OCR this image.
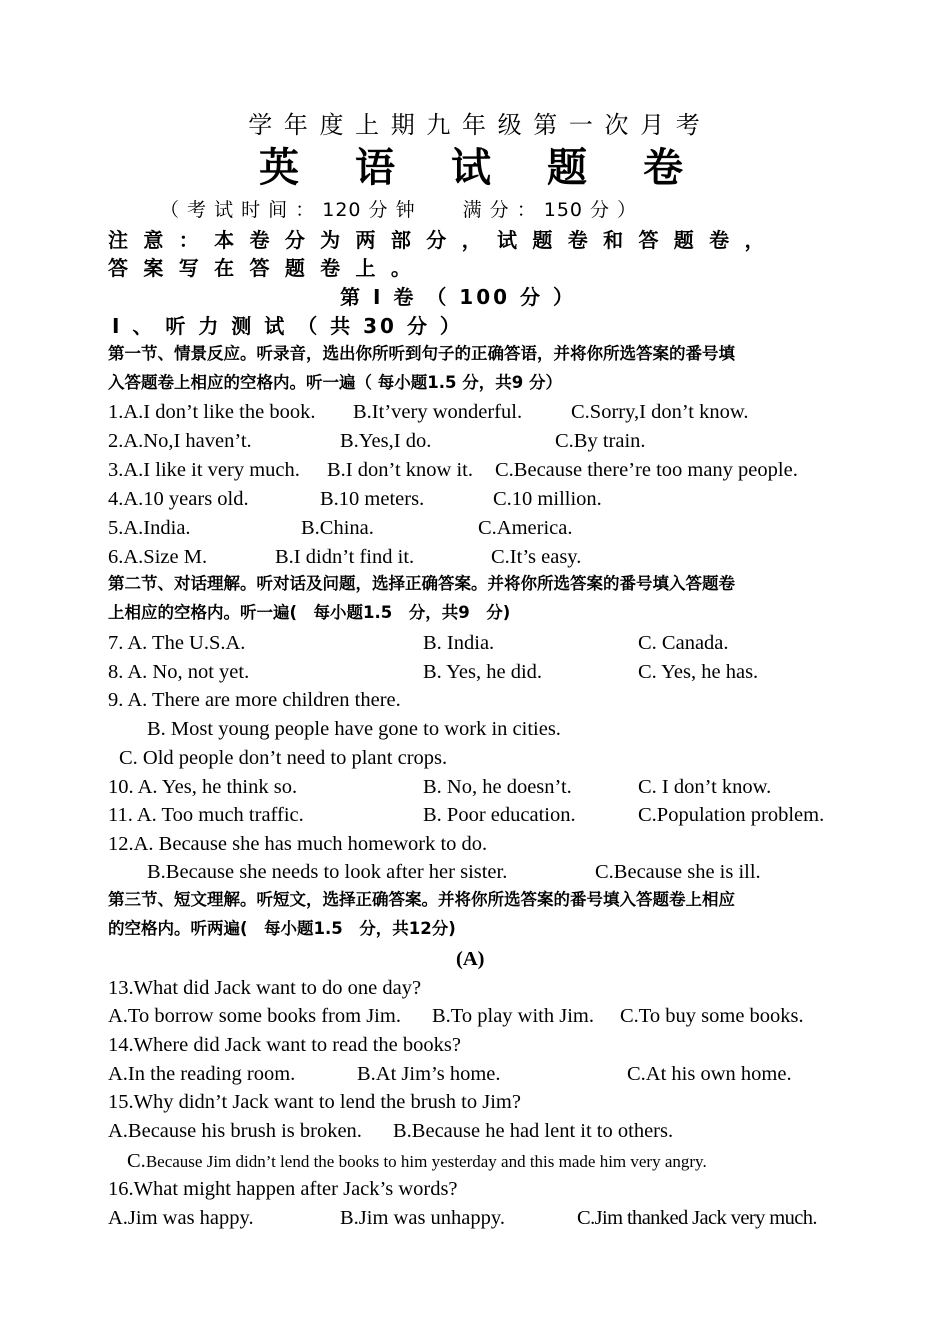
学 年 度 上 期 九 年 级 第 一 次 月 考
英　语　试　题　卷
（ 考 试 时 间 ： 120 分 钟 　　满 分 ： 150 分 ）
注 意 ： 本 卷 分 为 两 部 分 ， 试 题 卷 和 答 题 卷 ，
答 案 写 在 答 题 卷 上 。
第 Ⅰ 卷 （ 100 分 ）
Ⅰ 、 听 力 测 试 （ 共 30 分 ）
第一节、情景反应。听录音，选出你所听到句子的正确答语，并将你所选答案的番号填
入答题卷上相应的空格内。听一遍（ 每小题1.5 分，共9 分）
1.A.I don’t like the book. B.It’very wonderful. C.Sorry,I don’t know.
2.A.No,I haven’t.	B.Yes,I do.	C.By train.
3.A.I like it very much. B.I don’t know it. C.Because there’re too many people.
4.A.10 years old.	B.10 meters.	C.10 million.
5.A.India.	B.China.	C.America.
6.A.Size M.	B.I didn’t find it.	C.It’s easy.
第二节、对话理解。听对话及问题，选择正确答案。并将你所选答案的番号填入答题卷
上相应的空格内。听一遍(　每小题1.5　分，共9　分)
7. A. The U.S.A.	B. India.	C. Canada.
8. A. No, not yet.	B. Yes, he did.	C. Yes, he has.
9. A. There are more children there.
B. Most young people have gone to work in cities.
C. Old people don’t need to plant crops.
10. A. Yes, he think so.	B. No, he doesn’t.	C. I don’t know.
11. A. Too much traffic.	B. Poor education.	C.Population problem.
12.A. Because she has much homework to do.
B.Because she needs to look after her sister.	C.Because she is ill.
第三节、短文理解。听短文，选择正确答案。并将你所选答案的番号填入答题卷上相应
的空格内。听两遍(　每小题1.5　分，共12分)
(A)
13.What did Jack want to do one day?
A.To borrow some books from Jim. B.To play with Jim. C.To buy some books.
14.Where did Jack want to read the books?
A.In the reading room.	B.At Jim’s home.	C.At his own home.
15.Why didn’t Jack want to lend the brush to Jim?
A.Because his brush is broken. B.Because he had lent it to others.
C.Because Jim didn’t lend the books to him yesterday and this made him very angry.
16.What might happen after Jack’s words?
A.Jim was happy.	B.Jim was unhappy.	C.Jim thanked Jack very much.
